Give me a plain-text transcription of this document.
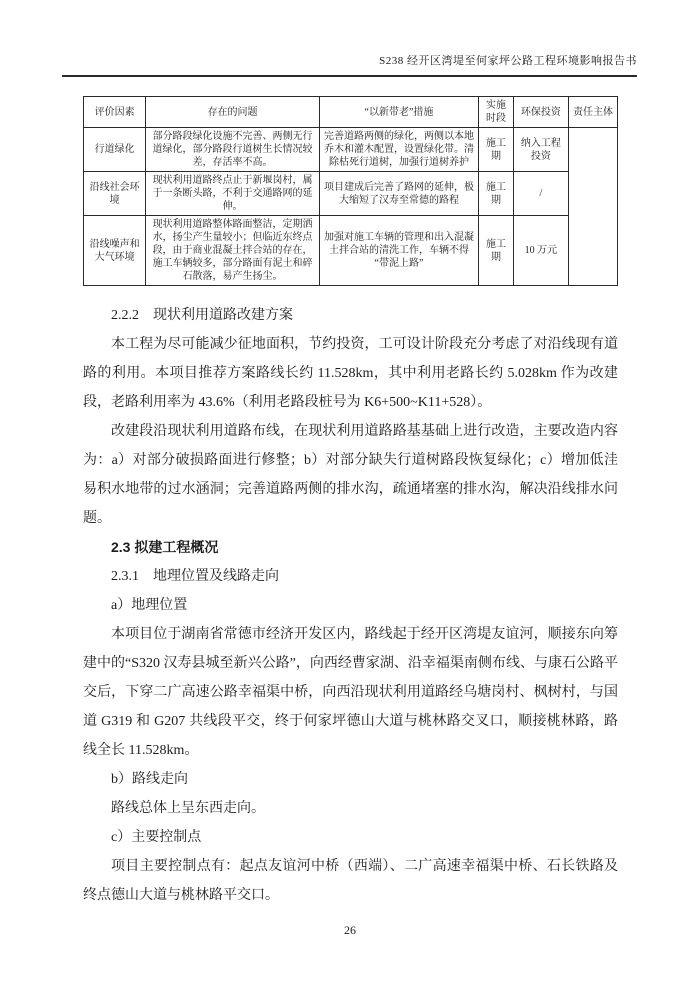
S238 经开区湾堤至何家坪公路工程环境影响报告书
评价因素	存在的问题	“以新带老”措施	实施时段	环保投资	责任主体
行道绿化	部分路段绿化设施不完善、两侧无行道绿化，部分路段行道树生长情况较差，存活率不高。	完善道路两侧的绿化，两侧以本地乔木和灌木配置，设置绿化带。清除枯死行道树，加强行道树养护	施工期	纳入工程投资	
沿线社会环境	现状利用道路终点止于新堰岗村，属于一条断头路，不利于交通路网的延伸。	项目建成后完善了路网的延伸，极大缩短了汉寿至常德的路程	施工期	/	
沿线噪声和大气环境	现状利用道路整体路面整洁，定期洒水，扬尘产生量较小；但临近东终点段，由于商业混凝土拌合站的存在，施工车辆较多，部分路面有泥土和碎石散落，易产生扬尘。	加强对施工车辆的管理和出入混凝土拌合站的清洗工作，车辆不得“带泥上路”	施工期	10 万元	

2.2.2　现状利用道路改建方案

本工程为尽可能减少征地面积，节约投资，工可设计阶段充分考虑了对沿线现有道路的利用。本项目推荐方案路线长约 11.528km，其中利用老路长约 5.028km 作为改建段，老路利用率为 43.6%（利用老路段桩号为 K6+500~K11+528）。

改建段沿现状利用道路布线，在现状利用道路路基基础上进行改造，主要改造内容为：a）对部分破损路面进行修整；b）对部分缺失行道树路段恢复绿化；c）增加低洼易积水地带的过水涵洞；完善道路两侧的排水沟，疏通堵塞的排水沟，解决沿线排水问题。

2.3 拟建工程概况

2.3.1　地理位置及线路走向

a）地理位置

本项目位于湖南省常德市经济开发区内，路线起于经开区湾堤友谊河，顺接东向筹建中的“S320 汉寿县城至新兴公路”，向西经曹家湖、沿幸福渠南侧布线、与康石公路平交后，下穿二广高速公路幸福渠中桥，向西沿现状利用道路经乌塘岗村、枫树村，与国道 G319 和 G207 共线段平交，终于何家坪德山大道与桃林路交叉口，顺接桃林路，路线全长 11.528km。

b）路线走向

路线总体上呈东西走向。

c）主要控制点

项目主要控制点有：起点友谊河中桥（西端）、二广高速幸福渠中桥、石长铁路及终点德山大道与桃林路平交口。

26
